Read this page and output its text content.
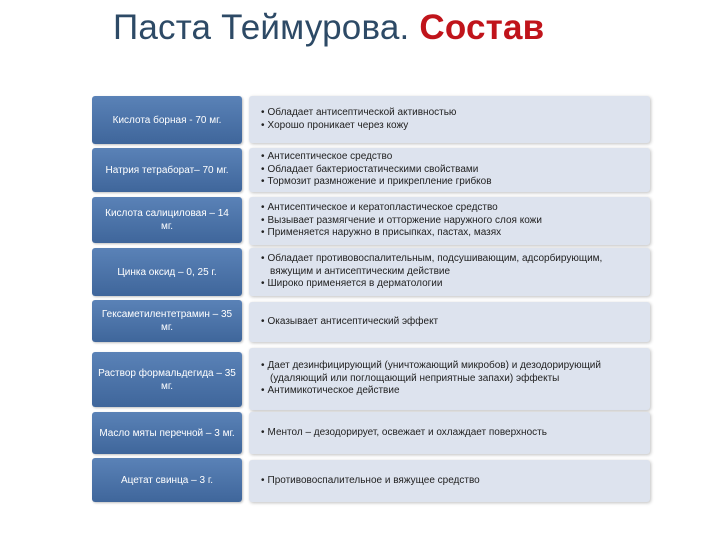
Паста Теймурова. Состав
Кислота борная - 70 мг.
• Обладает антисептической активностью
• Хорошо проникает через кожу
Натрия тетраборат– 70 мг.
• Антисептическое средство
• Обладает бактериостатическими свойствами
• Тормозит размножение и прикрепление грибков
Кислота салициловая – 14 мг.
• Антисептическое и кератопластическое средство
• Вызывает размягчение и отторжение наружного слоя кожи
• Применяется наружно в присыпках, пастах, мазях
Цинка оксид – 0, 25 г.
• Обладает противовоспалительным, подсушивающим, адсорбирующим, вяжущим и антисептическим действие
• Широко применяется в дерматологии
Гексаметилентетрамин – 35 мг.
• Оказывает антисептический эффект
Раствор формальдегида – 35 мг.
• Дает дезинфицирующий (уничтожающий микробов) и дезодорирующий (удаляющий или поглощающий неприятные запахи) эффекты
• Антимикотическое действие
Масло мяты перечной – 3 мг.	• Ментол – дезодорирует, освежает и охлаждает поверхность
Ацетат свинца – 3 г.	• Противовоспалительное и вяжущее средство
